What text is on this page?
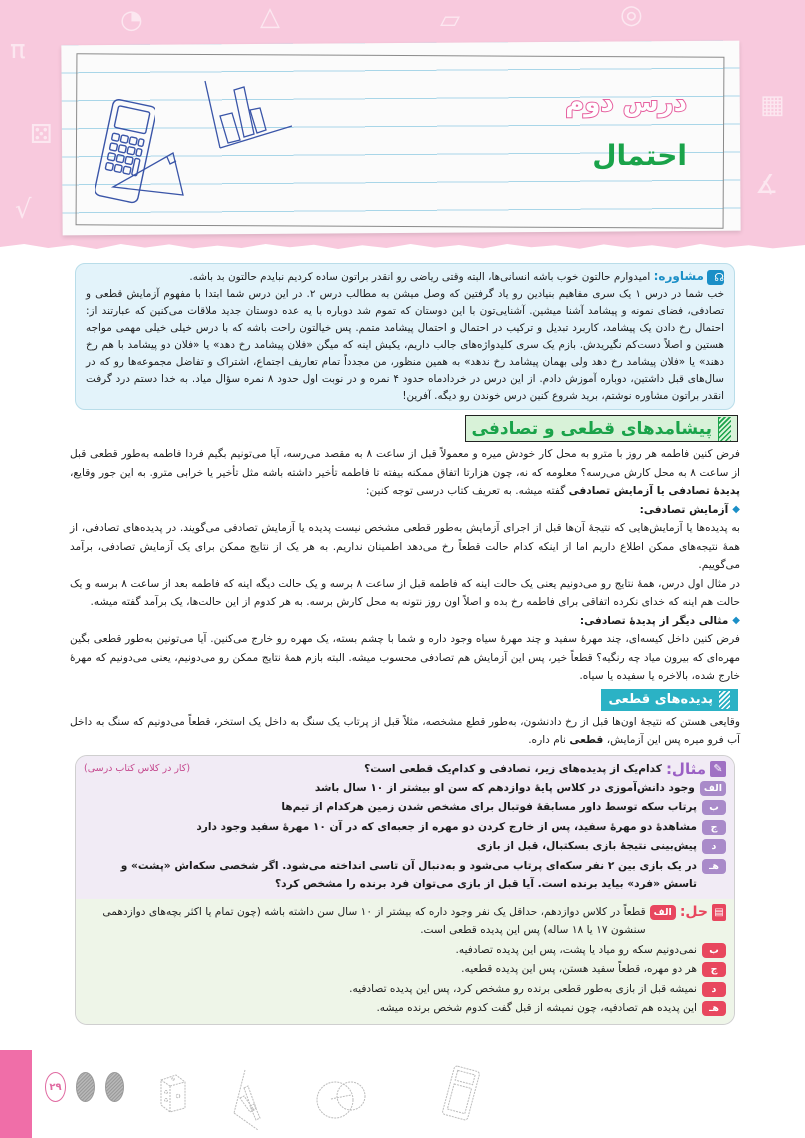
π
⚄
◔	△	▱	◎
▦
∡
√
درس دوم
احتمال
☊مشاوره: امیدوارم حالتون خوب باشه انسانی‌ها، البته وقتی ریاضی رو انقدر براتون ساده کردیم نبایدم حالتون بد باشه.
خب شما در درس ۱ یک سری مفاهیم بنیادین رو یاد گرفتین که وصل میشن به مطالب درس ۲. در این درس شما ابتدا با مفهوم آزمایش قطعی و تصادفی، فضای نمونه و پیشامد آشنا میشین. آشنایی‌تون با این دوستان که تموم شد دوباره با یه عده دوستان جدید ملاقات می‌کنین که عبارتند از: احتمال رخ دادن یک پیشامد، کاربرد تبدیل و ترکیب در احتمال و احتمال پیشامد متمم. پس خیالتون راحت باشه که با درس خیلی خیلی مهمی مواجه هستین و اصلاً دست‌کم نگیریدش. بازم یک سری کلیدواژه‌های جالب داریم، یکیش اینه که میگن «فلان پیشامد رخ دهد» یا «فلان دو پیشامد با هم رخ دهند» یا «فلان پیشامد رخ دهد ولی بهمان پیشامد رخ ندهد» به همین منظور، من مجدداً تمام تعاریف اجتماع، اشتراک و تفاضل مجموعه‌ها رو که در سال‌های قبل داشتین، دوباره آموزش دادم. از این درس در خردادماه حدود ۴ نمره و در نوبت اول حدود ۸ نمره سؤال میاد. به خدا دستم درد گرفت انقدر براتون مشاوره نوشتم، برید شروع کنین درس خوندن رو دیگه. آفرین!
پیشامدهای قطعی و تصادفی
فرض کنین فاطمه هر روز با مترو به محل کار خودش میره و معمولاً قبل از ساعت ۸ به مقصد می‌رسه، آیا می‌تونیم بگیم فردا فاطمه به‌طور قطعی قبل از ساعت ۸ به محل کارش می‌رسه؟ معلومه که نه، چون هزارتا اتفاق ممکنه بیفته تا فاطمه تأخیر داشته باشه مثل تأخیر یا خرابی مترو. به این جور وقایع، پدیدهٔ تصادفی یا آزمایش تصادفی گفته میشه. به تعریف کتاب درسی توجه کنین:
◆
آزمایش تصادفی:
به پدیده‌ها یا آزمایش‌هایی که نتیجهٔ آن‌ها قبل از اجرای آزمایش به‌طور قطعی مشخص نیست پدیده یا آزمایش تصادفی می‌گویند. در پدیده‌های تصادفی، از همهٔ نتیجه‌های ممکن اطلاع داریم اما از اینکه کدام حالت قطعاً رخ می‌دهد اطمینان نداریم. به هر یک از نتایج ممکن برای یک آزمایش تصادفی، برآمد می‌گوییم.
در مثال اول درس، همهٔ نتایج رو می‌دونیم یعنی یک حالت اینه که فاطمه قبل از ساعت ۸ برسه و یک حالت دیگه اینه که فاطمه بعد از ساعت ۸ برسه و یک حالت هم اینه که خدای نکرده اتفاقی برای فاطمه رخ بده و اصلاً اون روز نتونه به محل کارش برسه. به هر کدوم از این حالت‌ها، یک برآمد گفته میشه.
◆
مثالی دیگر از پدیدهٔ تصادفی:
فرض کنین داخل کیسه‌ای، چند مهرهٔ سفید و چند مهرهٔ سیاه وجود داره و شما با چشم بسته، یک مهره رو خارج می‌کنین. آیا می‌تونین به‌طور قطعی بگین مهره‌ای که بیرون میاد چه رنگیه؟ قطعاً خیر، پس این آزمایش هم تصادفی محسوب میشه. البته بازم همهٔ نتایج ممکن رو می‌دونیم، یعنی می‌دونیم که مهرهٔ خارج شده، بالاخره یا سفیده یا سیاه.
پدیده‌های قطعی
وقایعی هستن که نتیجهٔ اون‌ها قبل از رخ دادنشون، به‌طور قطع مشخصه، مثلاً قبل از پرتاب یک سنگ به داخل یک استخر، قطعاً می‌دونیم که سنگ به داخل آب فرو میره پس این آزمایش، قطعی نام داره.
✎
مثال:
کدام‌یک از پدیده‌های زیر، تصادفی و کدام‌یک قطعی است؟
(کار در کلاس کتاب درسی)
الف
وجود دانش‌آموزی در کلاس پایهٔ دوازدهم که سن او بیشتر از ۱۰ سال باشد
ب
پرتاب سکه توسط داور مسابقهٔ فوتبال برای مشخص شدن زمین هرکدام از تیم‌ها
ج
مشاهدهٔ دو مهرهٔ سفید، پس از خارج کردن دو مهره از جعبه‌ای که در آن ۱۰ مهرهٔ سفید وجود دارد
د
پیش‌بینی نتیجهٔ بازی بسکتبال، قبل از بازی
هـ
در یک بازی بین ۲ نفر سکه‌ای پرتاب می‌شود و به‌دنبال آن تاسی انداخته می‌شود. اگر شخصی سکه‌اش «پشت» و تاسش «فرد» بیاید برنده است. آیا قبل از بازی می‌توان فرد برنده را مشخص کرد؟
▤
حل:
الف
قطعاً در کلاس دوازدهم، حداقل یک نفر وجود داره که بیشتر از ۱۰ سال سن داشته باشه (چون تمام یا اکثر بچه‌های دوازدهمی سنشون ۱۷ یا ۱۸ ساله) پس این پدیده قطعی است.
ب
نمی‌دونیم سکه رو میاد یا پشت، پس این پدیده تصادفیه.
ج
هر دو مهره، قطعاً سفید هستن، پس این پدیده قطعیه.
د
نمیشه قبل از بازی به‌طور قطعی برنده رو مشخص کرد، پس این پدیده تصادفیه.
هـ
این پدیده هم تصادفیه، چون نمیشه از قبل گفت کدوم شخص برنده میشه.
۲۹
